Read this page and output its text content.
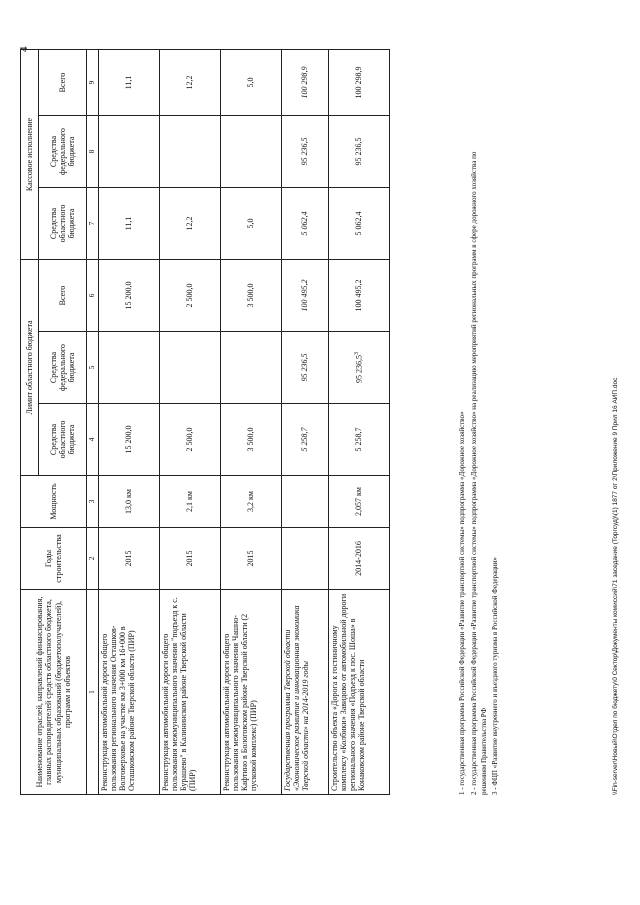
4
Наименование отраслей, направлений финансирования, главных распорядителей средств областного бюджета, муниципальных образований (бюджетополучателей), программ и объектов	Годы строительства	Мощность	Лимит областного бюджета			Кассовое исполнение		
			Средства областного бюджета	Средства федерального бюджета	Всего	Средства областного бюджета	Средства федерального бюджета	Всего
1	2	3	4	5	6	7	8	9
Реконструкция автомобильной дороги общего пользования регионального значения Осташков-Волговерховье на участке км 3+000 км 16+000 в Осташковском районе Тверской области (ПИР)	2015	13,0 км	15 200,0		15 200,0	11,1		11,1
Реконструкция автомобильной дороги общего пользования межмуниципального значения "подъезд к с. Бурашево" в Калининском районе Тверской области (ПИР)	2015	2,1 км	2 500,0		2 500,0	12,2		12,2
Реконструкция автомобильной дороги общего пользования межмуниципального значения Чашно-Кафтино в Бологовском районе Тверской области (2 пусковой комплекс) (ПИР)	2015	3,2 км	3 500,0		3 500,0	5,0		5,0
Государственная программа Тверской области «Экономическое развитие и инновационная экономика Тверской области» на 2014-2019 годы			5 258,7	95 236,5	100 495,2	5 062,4	95 236,5	100 298,9
Строительство объекта «Дорога к гостиничному комплексу «Колбики» Завидово от автомобильной дороги регионального значения «Подъезд к пос. Шоша» в Конаковском районе Тверской области	2014-2016	2,057 км	5 258,7	95 236,5$^3$	100 495,2	5 062,4	95 236,5	100 298,9
1 - государственная программа Российской Федерации «Развитие транспортной системы» подпрограмма «Дорожное хозяйство» 2 - государственная программа Российской Федерации «Развитие транспортной системы» подпрограмма «Дорожное хозяйство» на реализацию мероприятий региональных программ в сфере дорожного хозяйства по решениям Правительства РФ 3 - ФЦП «Развитие внутреннего и въездного туризма в Российской Федерации»	\\Fin-server\Новый\Отдел по бюджету\0 Сектор\Документы комиссий\71 заседание (Торгсуд)\(1) 1877 от 2\Приложение 9 Прил 16 АИП.doc
